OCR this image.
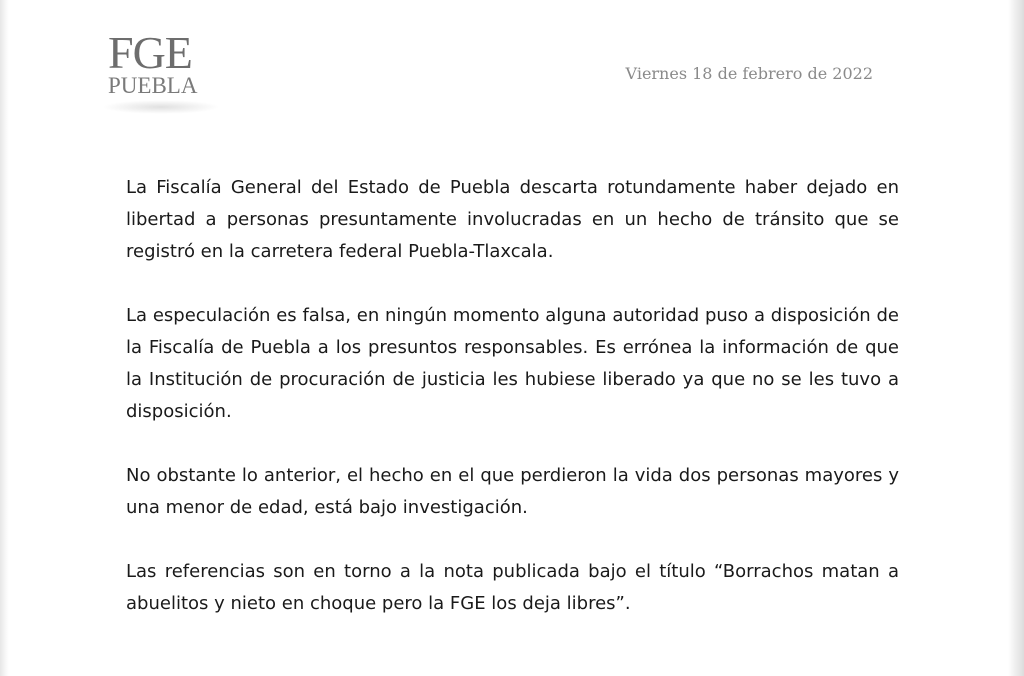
FGE
PUEBLA	Viernes 18 de febrero de 2022

La Fiscalía General del Estado de Puebla descarta rotundamente haber dejado en libertad a personas presuntamente involucradas en un hecho de tránsito que se registró en la carretera federal Puebla-Tlaxcala.

La especulación es falsa, en ningún momento alguna autoridad puso a disposición de la Fiscalía de Puebla a los presuntos responsables. Es errónea la información de que la Institución de procuración de justicia les hubiese liberado ya que no se les tuvo a disposición.

No obstante lo anterior, el hecho en el que perdieron la vida dos personas mayores y una menor de edad, está bajo investigación.

Las referencias son en torno a la nota publicada bajo el título “Borrachos matan a abuelitos y nieto en choque pero la FGE los deja libres”.
